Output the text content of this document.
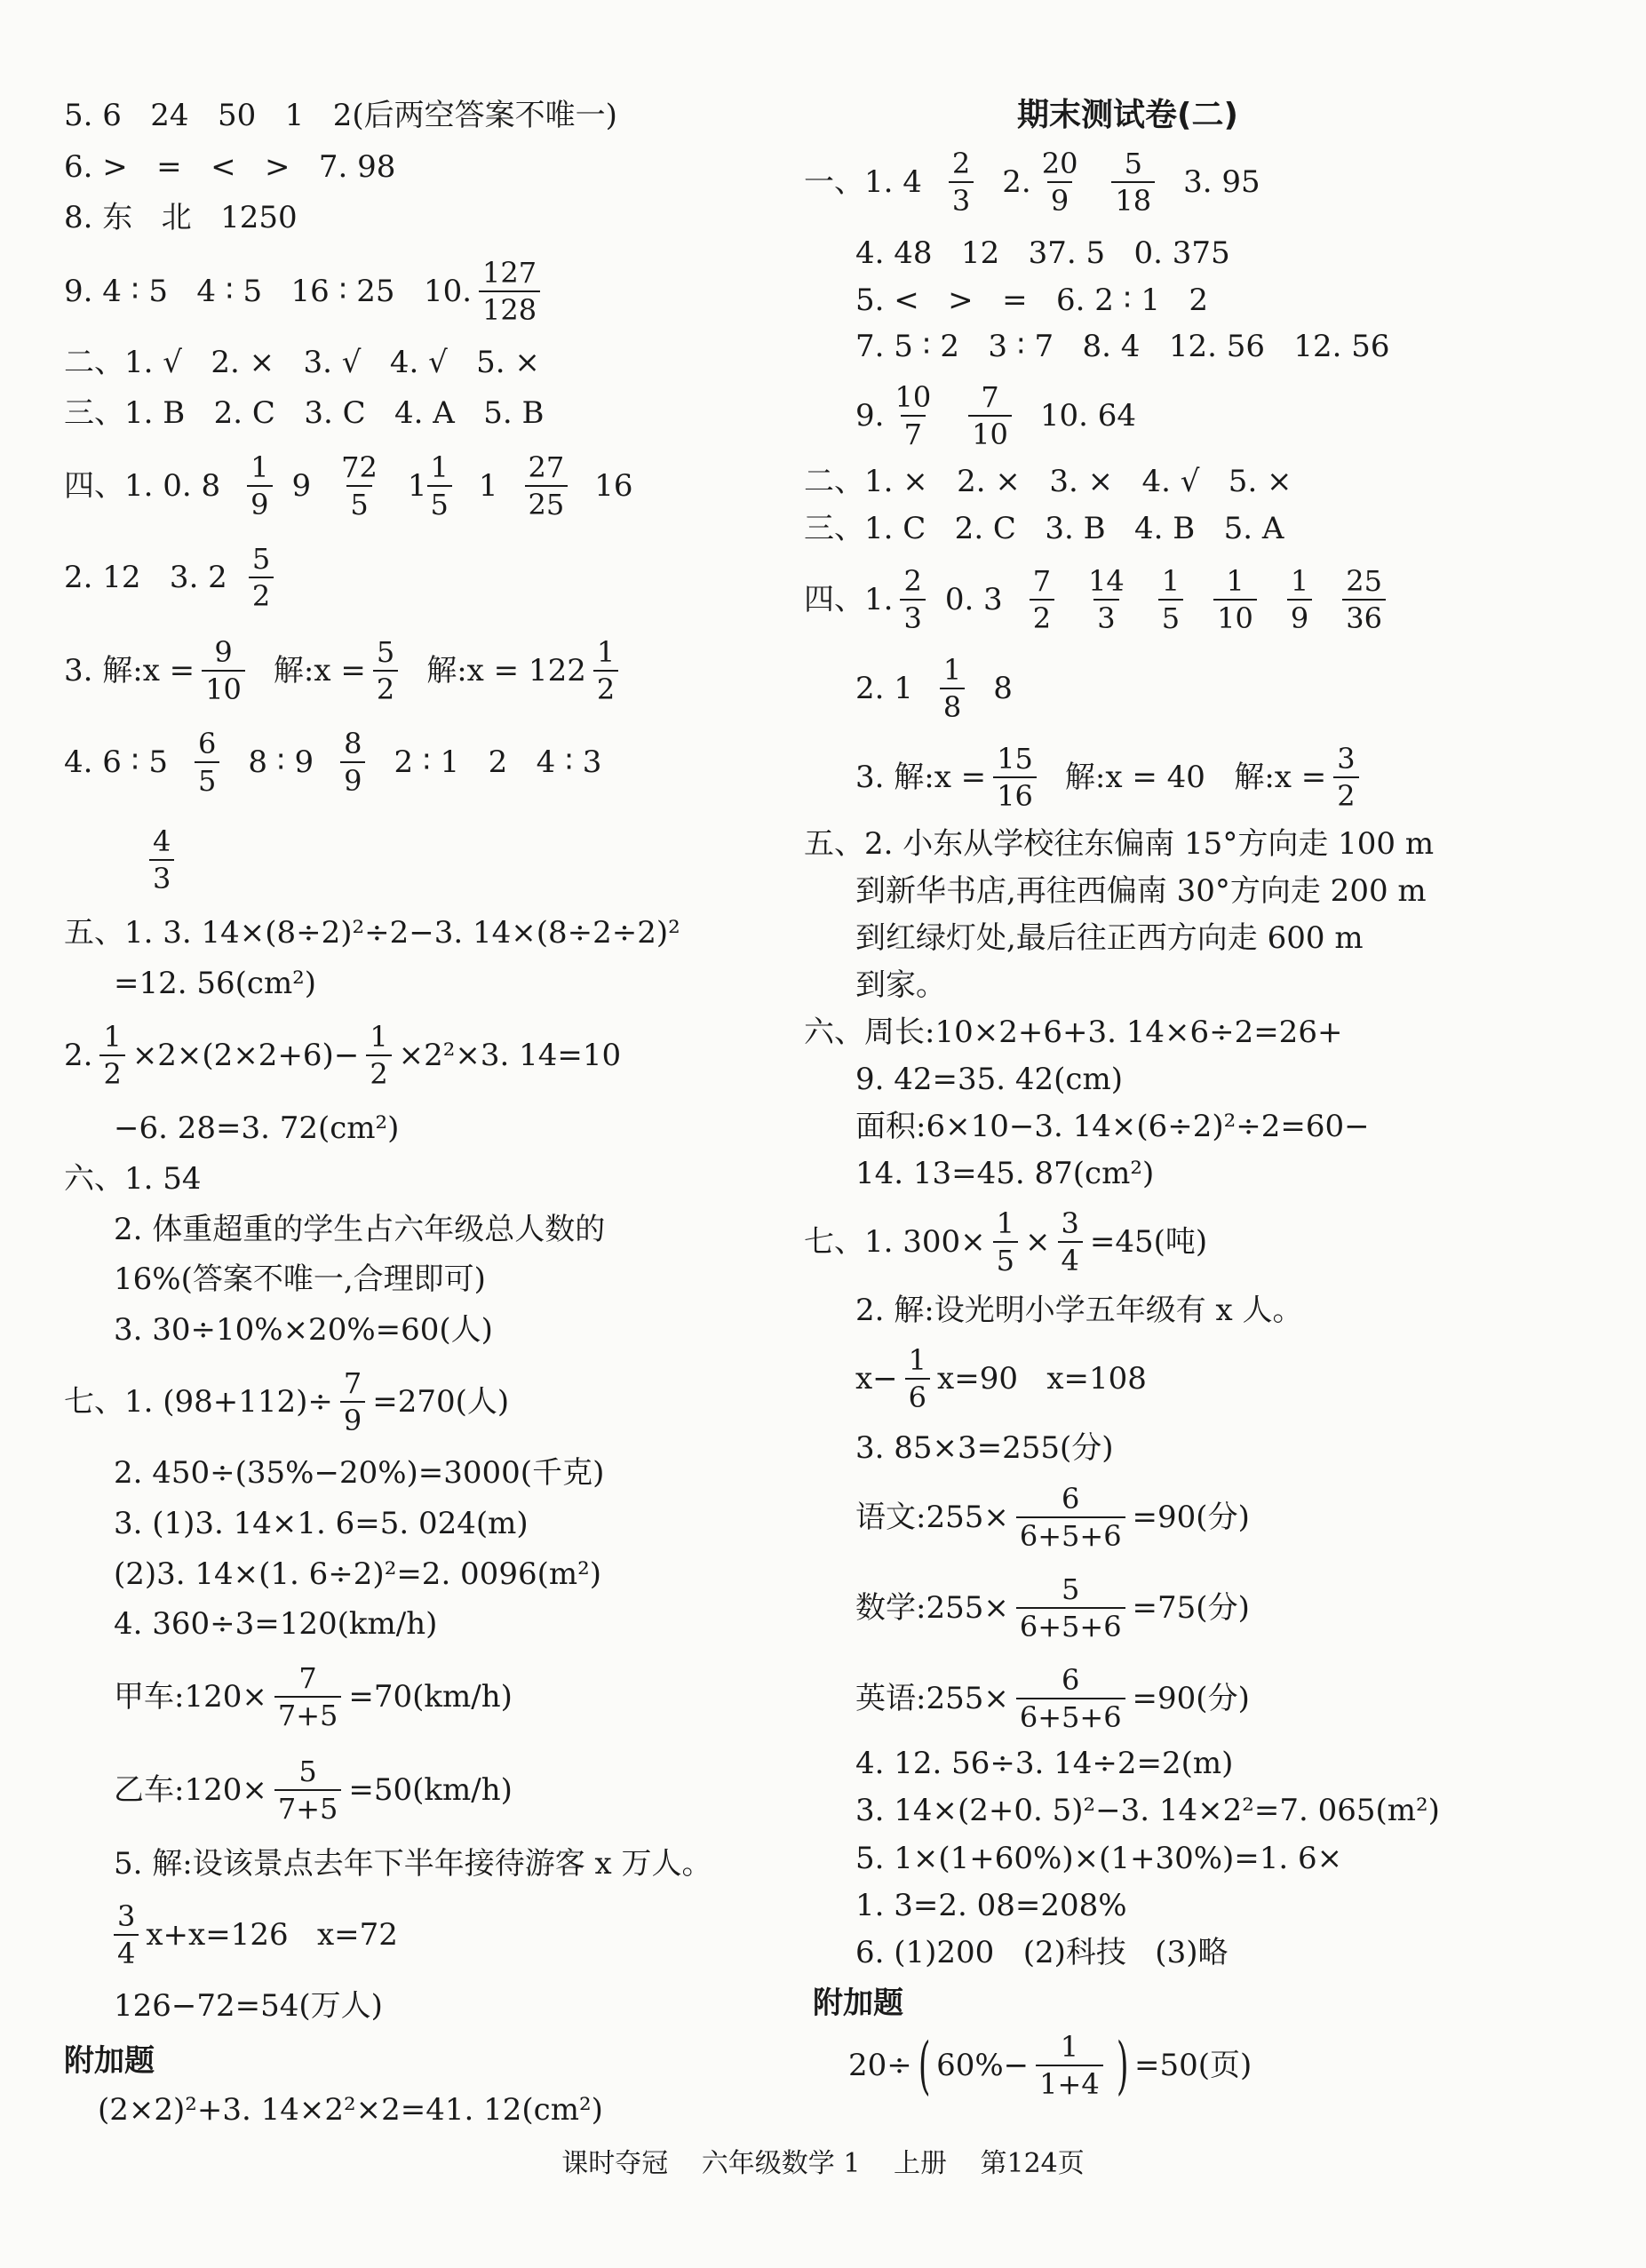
5. 6   24   50   1   2(后两空答案不唯一)
6. >   =   <   >   7. 98
8. 东   北   1250
9. 4 ∶ 5   4 ∶ 5   16 ∶ 25   10. $\frac{127}{128}$
二、1. √   2. ×   3. √   4. √   5. ×
三、1. B   2. C   3. C   4. A   5. B
四、1. 0. $8 \frac{1}{9} 9 \frac{72}{5} 1 \frac{1}{5} 1 \frac{27}{25} 16$
2. 12   3. $2 \frac{5}{2}$
3. 解:x = $\frac{9}{10}$ 解:x = $\frac{5}{2}$ 解:x = $122 \frac{1}{2}$
4. 6 ∶ $5 \frac{6}{5} 8$ ∶ $9 \frac{8}{9} 2$ ∶ 1   2   4 ∶ 3
$\frac{4}{3}$
五、1. 3. 14×(8÷2)²÷2−3. 14×(8÷2÷2)²
=12. 56(cm²)
2. $\frac{1}{2} \times 2\times(2\times 2+6)- \frac{1}{2} \times 2^2\times 3$. 14=10
−6. 28=3. 72(cm²)
六、1. 54
2. 体重超重的学生占六年级总人数的
16%(答案不唯一,合理即可)
3. 30÷10%×20%=60(人)
七、1. $(98+112)\div \frac{7}{9} =270$(人)
2. 450÷(35%−20%)=3000(千克)
3. (1)3. 14×1. 6=5. 024(m)
(2)3. 14×(1. 6÷2)²=2. 0096(m²)
4. 360÷3=120(km/h)
甲车:120× $\frac{7}{7+5} =70(km/h)$
乙车:120× $\frac{5}{7+5} =50(km/h)$
5. 解:设该景点去年下半年接待游客 x 万人。
$\frac{3}{4} x+x=126$   x=72
126−72=54(万人)
附加题
(2×2)²+3. 14×2²×2=41. 12(cm²)
期末测试卷(二)
一、1. $4 \frac{2}{3} 2$. $\frac{20}{9} \frac{5}{18} 3$. 95
4. 48   12   37. 5   0. 375
5. <   >   =   6. 2 ∶ 1   2
7. 5 ∶ 2   3 ∶ 7   8. 4   12. 56   12. 56
9. $\frac{10}{7} \frac{7}{10} 10$. 64
二、1. ×   2. ×   3. ×   4. √   5. ×
三、1. C   2. C   3. B   4. B   5. A
四、1. $\frac{2}{3} 0$. $3 \frac{7}{2} \frac{14}{3} \frac{1}{5} \frac{1}{10} \frac{1}{9} \frac{25}{36}$
2. $1 \frac{1}{8} 8$
3. 解:x = $\frac{15}{16}$ 解:x = 40   解:x = $\frac{3}{2}$
五、2. 小东从学校往东偏南 15°方向走 100 m
到新华书店,再往西偏南 30°方向走 200 m
到红绿灯处,最后往正西方向走 600 m
到家。
六、周长:10×2+6+3. 14×6÷2=26+
9. 42=35. 42(cm)
面积:6×10−3. 14×(6÷2)²÷2=60−
14. 13=45. 87(cm²)
七、1. $300\times \frac{1}{5} \times \frac{3}{4} =45$(吨)
2. 解:设光明小学五年级有 x 人。
$x- \frac{1}{6} x=90$   x=108
3. 85×3=255(分)
语文:255× $\frac{6}{6+5+6} =90$(分)
数学:255× $\frac{5}{6+5+6} =75$(分)
英语:255× $\frac{6}{6+5+6} =90$(分)
4. 12. 56÷3. 14÷2=2(m)
3. 14×(2+0. 5)²−3. 14×2²=7. 065(m²)
5. 1×(1+60%)×(1+30%)=1. 6×
1. 3=2. 08=208%
6. (1)200   (2)科技   (3)略
附加题
20÷ ( $60\%- \frac{1}{1+4}$ ) =50(页)
课时夺冠 六年级数学 1 上册 第124页
